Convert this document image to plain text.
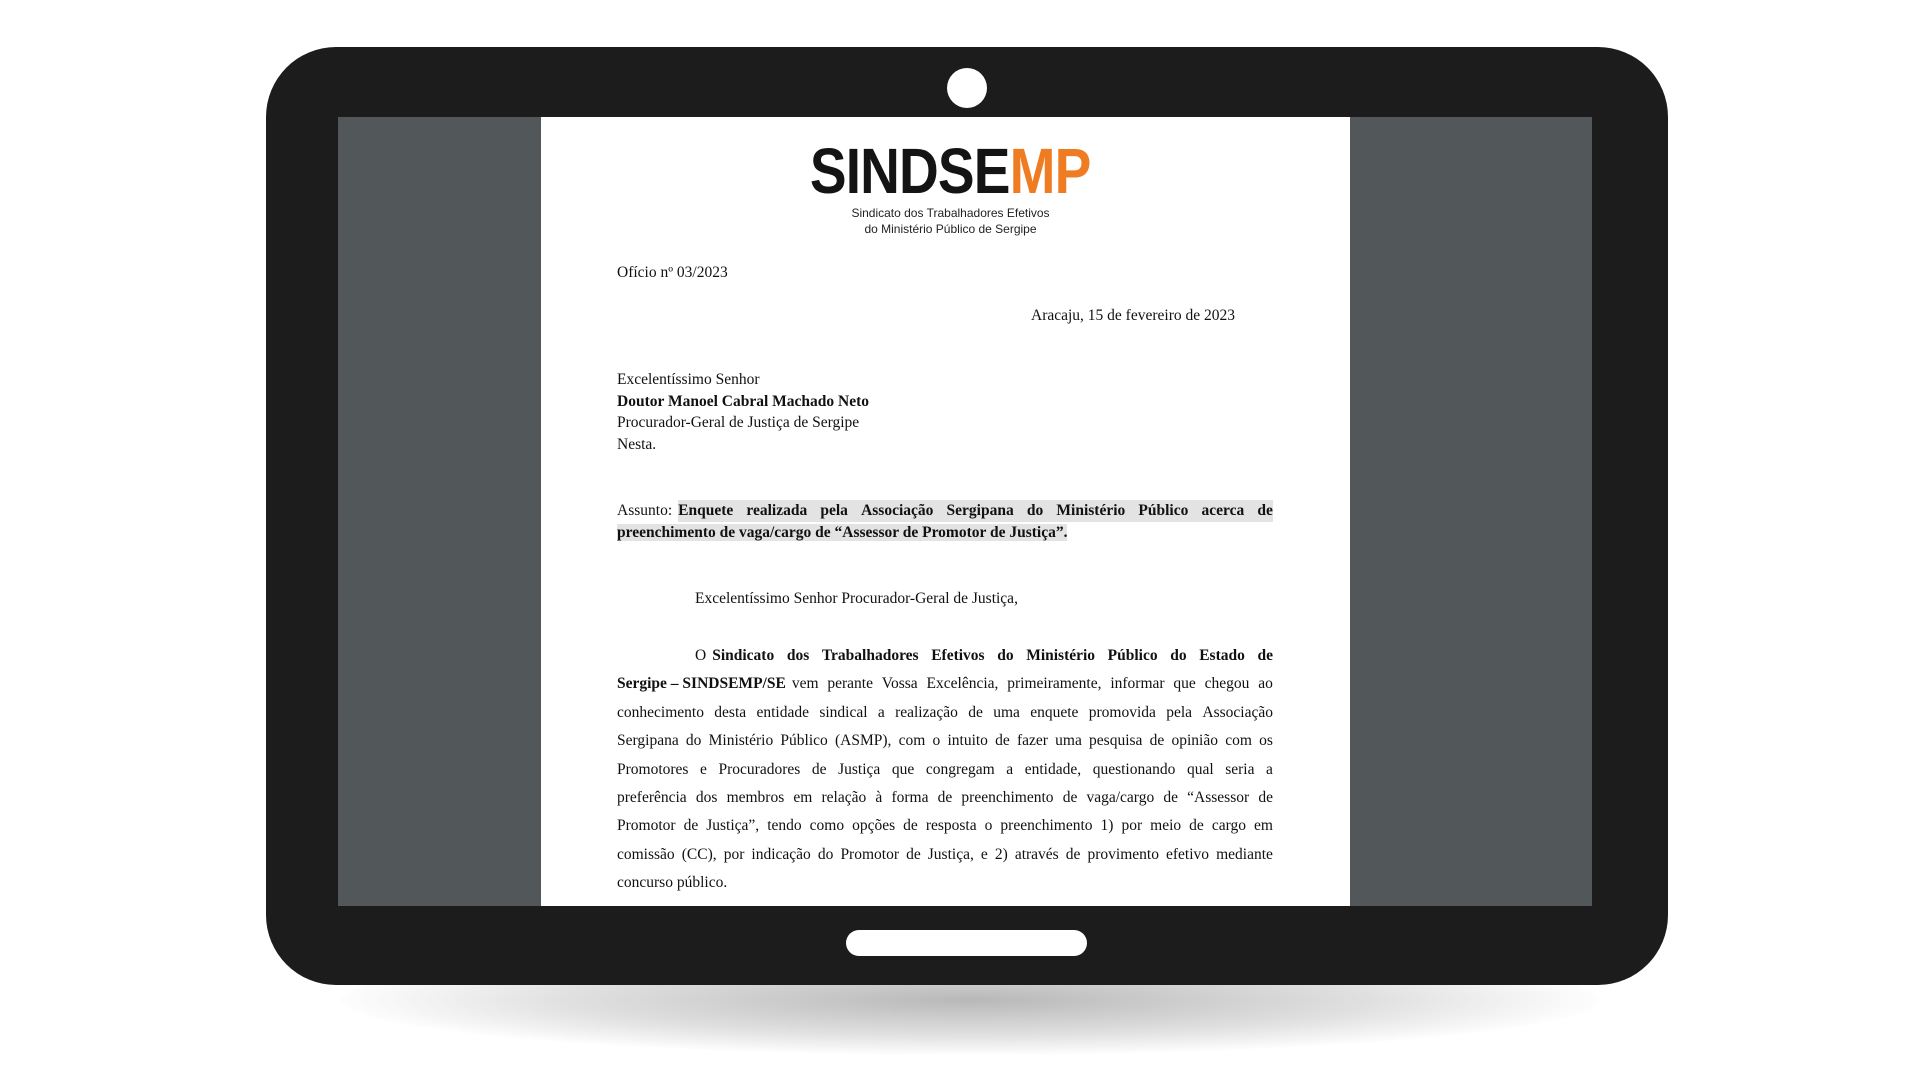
SINDSEMP
Sindicato dos Trabalhadores Efetivos
do Ministério Público de Sergipe
Ofício nº 03/2023
Aracaju, 15 de fevereiro de 2023
Excelentíssimo Senhor
Doutor Manoel Cabral Machado Neto
Procurador-Geral de Justiça de Sergipe
Nesta.
Assunto: Enquete realizada pela Associação Sergipana do Ministério Público acerca de
preenchimento de vaga/cargo de “Assessor de Promotor de Justiça”.
Excelentíssimo Senhor Procurador-Geral de Justiça,
O Sindicato dos Trabalhadores Efetivos do Ministério Público do Estado de
Sergipe – SINDSEMP/SE vem perante Vossa Excelência, primeiramente, informar que chegou ao
conhecimento desta entidade sindical a realização de uma enquete promovida pela Associação
Sergipana do Ministério Público (ASMP), com o intuito de fazer uma pesquisa de opinião com os
Promotores e Procuradores de Justiça que congregam a entidade, questionando qual seria a
preferência dos membros em relação à forma de preenchimento de vaga/cargo de “Assessor de
Promotor de Justiça”, tendo como opções de resposta o preenchimento 1) por meio de cargo em
comissão (CC), por indicação do Promotor de Justiça, e 2) através de provimento efetivo mediante
concurso público.
